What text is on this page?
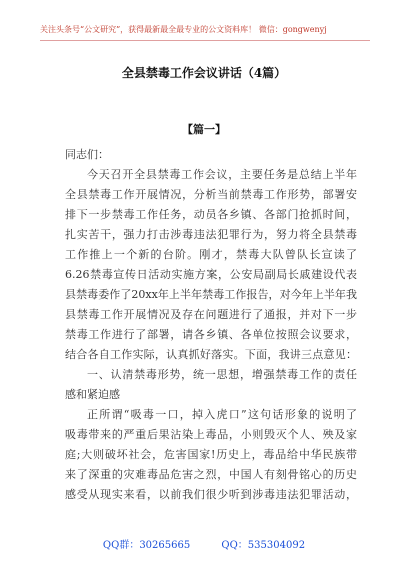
关注头条号“公文研究”，获得最新最全最专业的公文资料库！ 微信：gongwenyj
全县禁毒工作会议讲话（4篇）
【篇一】
同志们：
今天召开全县禁毒工作会议，主要任务是总结上半年
全县禁毒工作开展情况，分析当前禁毒工作形势，部署安
排下一步禁毒工作任务，动员各乡镇、各部门抢抓时间，
扎实苦干，强力打击涉毒违法犯罪行为，努力将全县禁毒
工作推上一个新的台阶。刚才，禁毒大队曾队长宣读了
6.26禁毒宣传日活动实施方案，公安局副局长戚建设代表
县禁毒委作了20xx年上半年禁毒工作报告，对今年上半年我
县禁毒工作开展情况及存在问题进行了通报，并对下一步
禁毒工作进行了部署，请各乡镇、各单位按照会议要求，
结合各自工作实际，认真抓好落实。下面，我讲三点意见：
一、认清禁毒形势，统一思想，增强禁毒工作的责任
感和紧迫感
正所谓“吸毒一口，掉入虎口”这句话形象的说明了
吸毒带来的严重后果沾染上毒品，小则毁灭个人、殃及家
庭;大则破坏社会，危害国家!历史上，毒品给中华民族带
来了深重的灾难毒品危害之烈，中国人有刻骨铭心的历史
感受从现实来看，以前我们很少听到涉毒违法犯罪活动，
QQ群：30265665	QQ：535304092
